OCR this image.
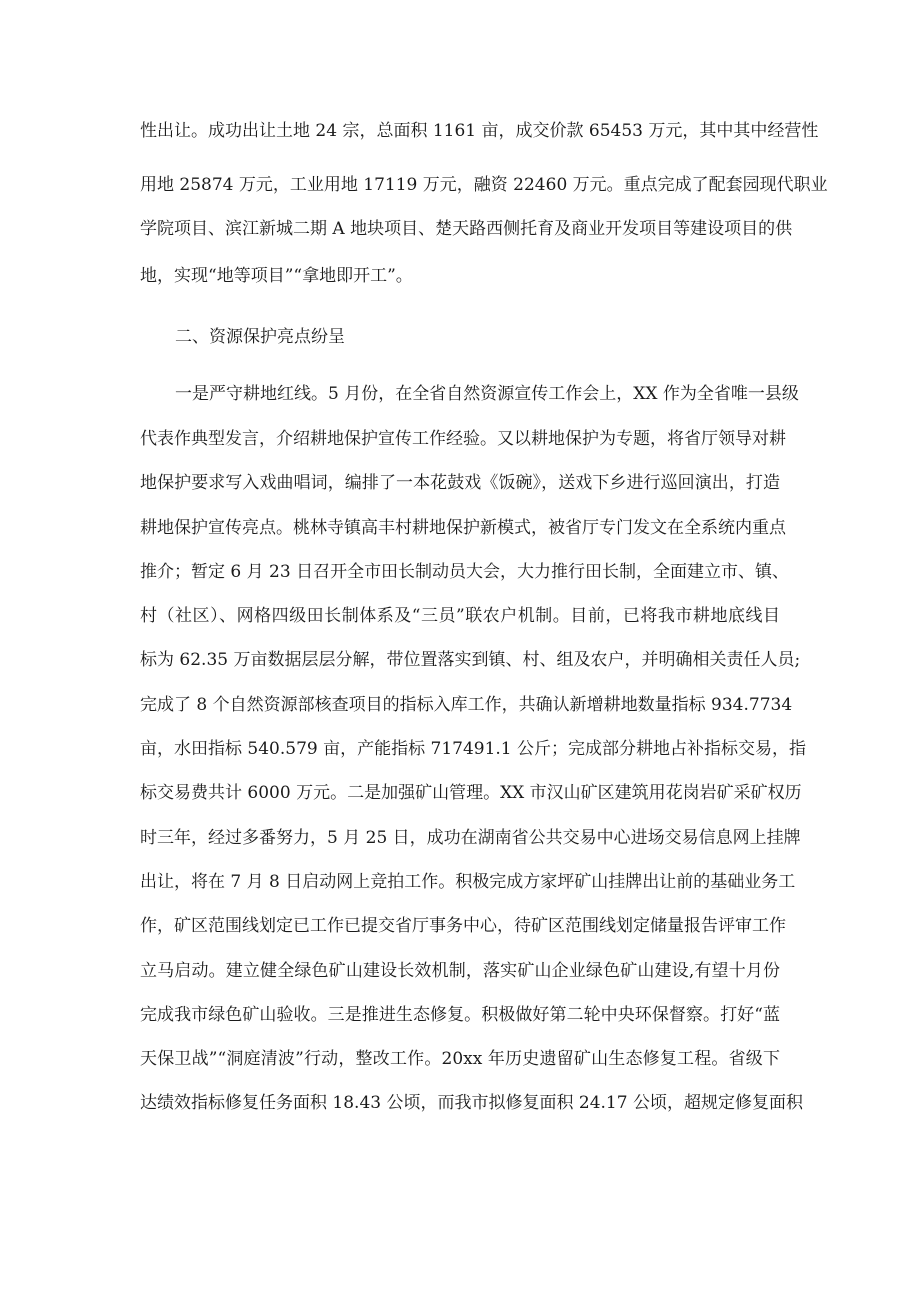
性出让。成功出让土地 24 宗，总面积 1161 亩，成交价款 65453 万元，其中其中经营性
用地 25874 万元，工业用地 17119 万元，融资 22460 万元。重点完成了配套园现代职业
学院项目、滨江新城二期 A 地块项目、楚天路西侧托育及商业开发项目等建设项目的供
地，实现“地等项目”“拿地即开工”。
二、资源保护亮点纷呈
一是严守耕地红线。5 月份，在全省自然资源宣传工作会上，XX 作为全省唯一县级
代表作典型发言，介绍耕地保护宣传工作经验。又以耕地保护为专题，将省厅领导对耕
地保护要求写入戏曲唱词，编排了一本花鼓戏《饭碗》，送戏下乡进行巡回演出，打造
耕地保护宣传亮点。桃林寺镇高丰村耕地保护新模式，被省厅专门发文在全系统内重点
推介；暂定 6 月 23 日召开全市田长制动员大会，大力推行田长制，全面建立市、镇、
村（社区）、网格四级田长制体系及“三员”联农户机制。目前，已将我市耕地底线目
标为 62.35 万亩数据层层分解，带位置落实到镇、村、组及农户，并明确相关责任人员;
完成了 8 个自然资源部核查项目的指标入库工作，共确认新增耕地数量指标 934.7734
亩，水田指标 540.579 亩，产能指标 717491.1 公斤；完成部分耕地占补指标交易，指
标交易费共计 6000 万元。二是加强矿山管理。XX 市汉山矿区建筑用花岗岩矿采矿权历
时三年，经过多番努力，5 月 25 日，成功在湖南省公共交易中心进场交易信息网上挂牌
出让，将在 7 月 8 日启动网上竞拍工作。积极完成方家坪矿山挂牌出让前的基础业务工
作，矿区范围线划定已工作已提交省厅事务中心，待矿区范围线划定储量报告评审工作
立马启动。建立健全绿色矿山建设长效机制，落实矿山企业绿色矿山建设,有望十月份
完成我市绿色矿山验收。三是推进生态修复。积极做好第二轮中央环保督察。打好“蓝
天保卫战”“洞庭清波”行动，整改工作。20xx 年历史遗留矿山生态修复工程。省级下
达绩效指标修复任务面积 18.43 公顷，而我市拟修复面积 24.17 公顷，超规定修复面积
